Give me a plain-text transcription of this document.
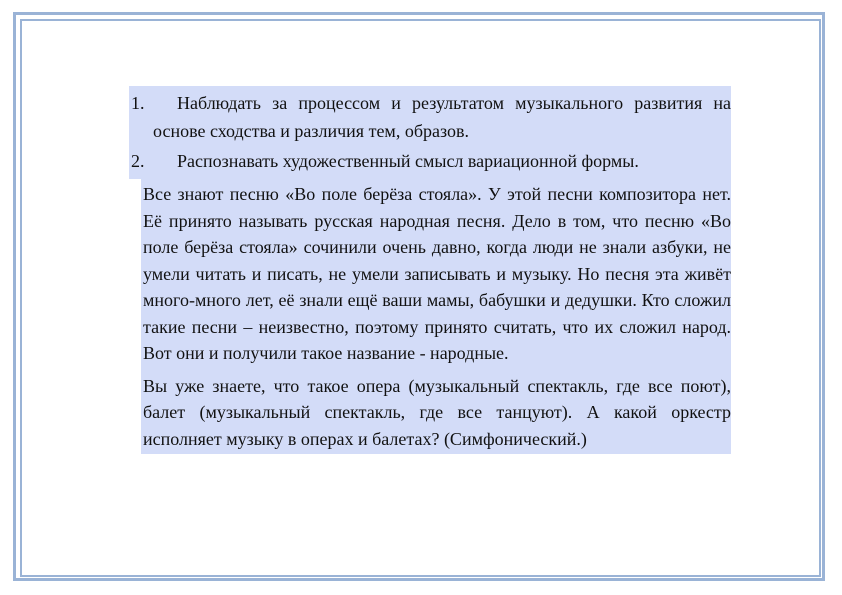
1.	Наблюдать за процессом и результатом музыкального развития на основе сходства и различия тем, образов.
2.	Распознавать художественный смысл вариационной формы.

Все знают песню «Во поле берёза стояла». У этой песни композитора нет. Её принято называть русская народная песня. Дело в том, что песню «Во поле берёза стояла» сочинили очень давно, когда люди не знали азбуки, не умели читать и писать, не умели записывать и музыку. Но песня эта живёт много-много лет, её знали ещё ваши мамы, бабушки и дедушки. Кто сложил такие песни – неизвестно, поэтому принято считать, что их сложил народ. Вот они и получили такое название - народные.

Вы уже знаете, что такое опера (музыкальный спектакль, где все поют), балет (музыкальный спектакль, где все танцуют). А какой оркестр исполняет музыку в операх и балетах? (Симфонический.)
